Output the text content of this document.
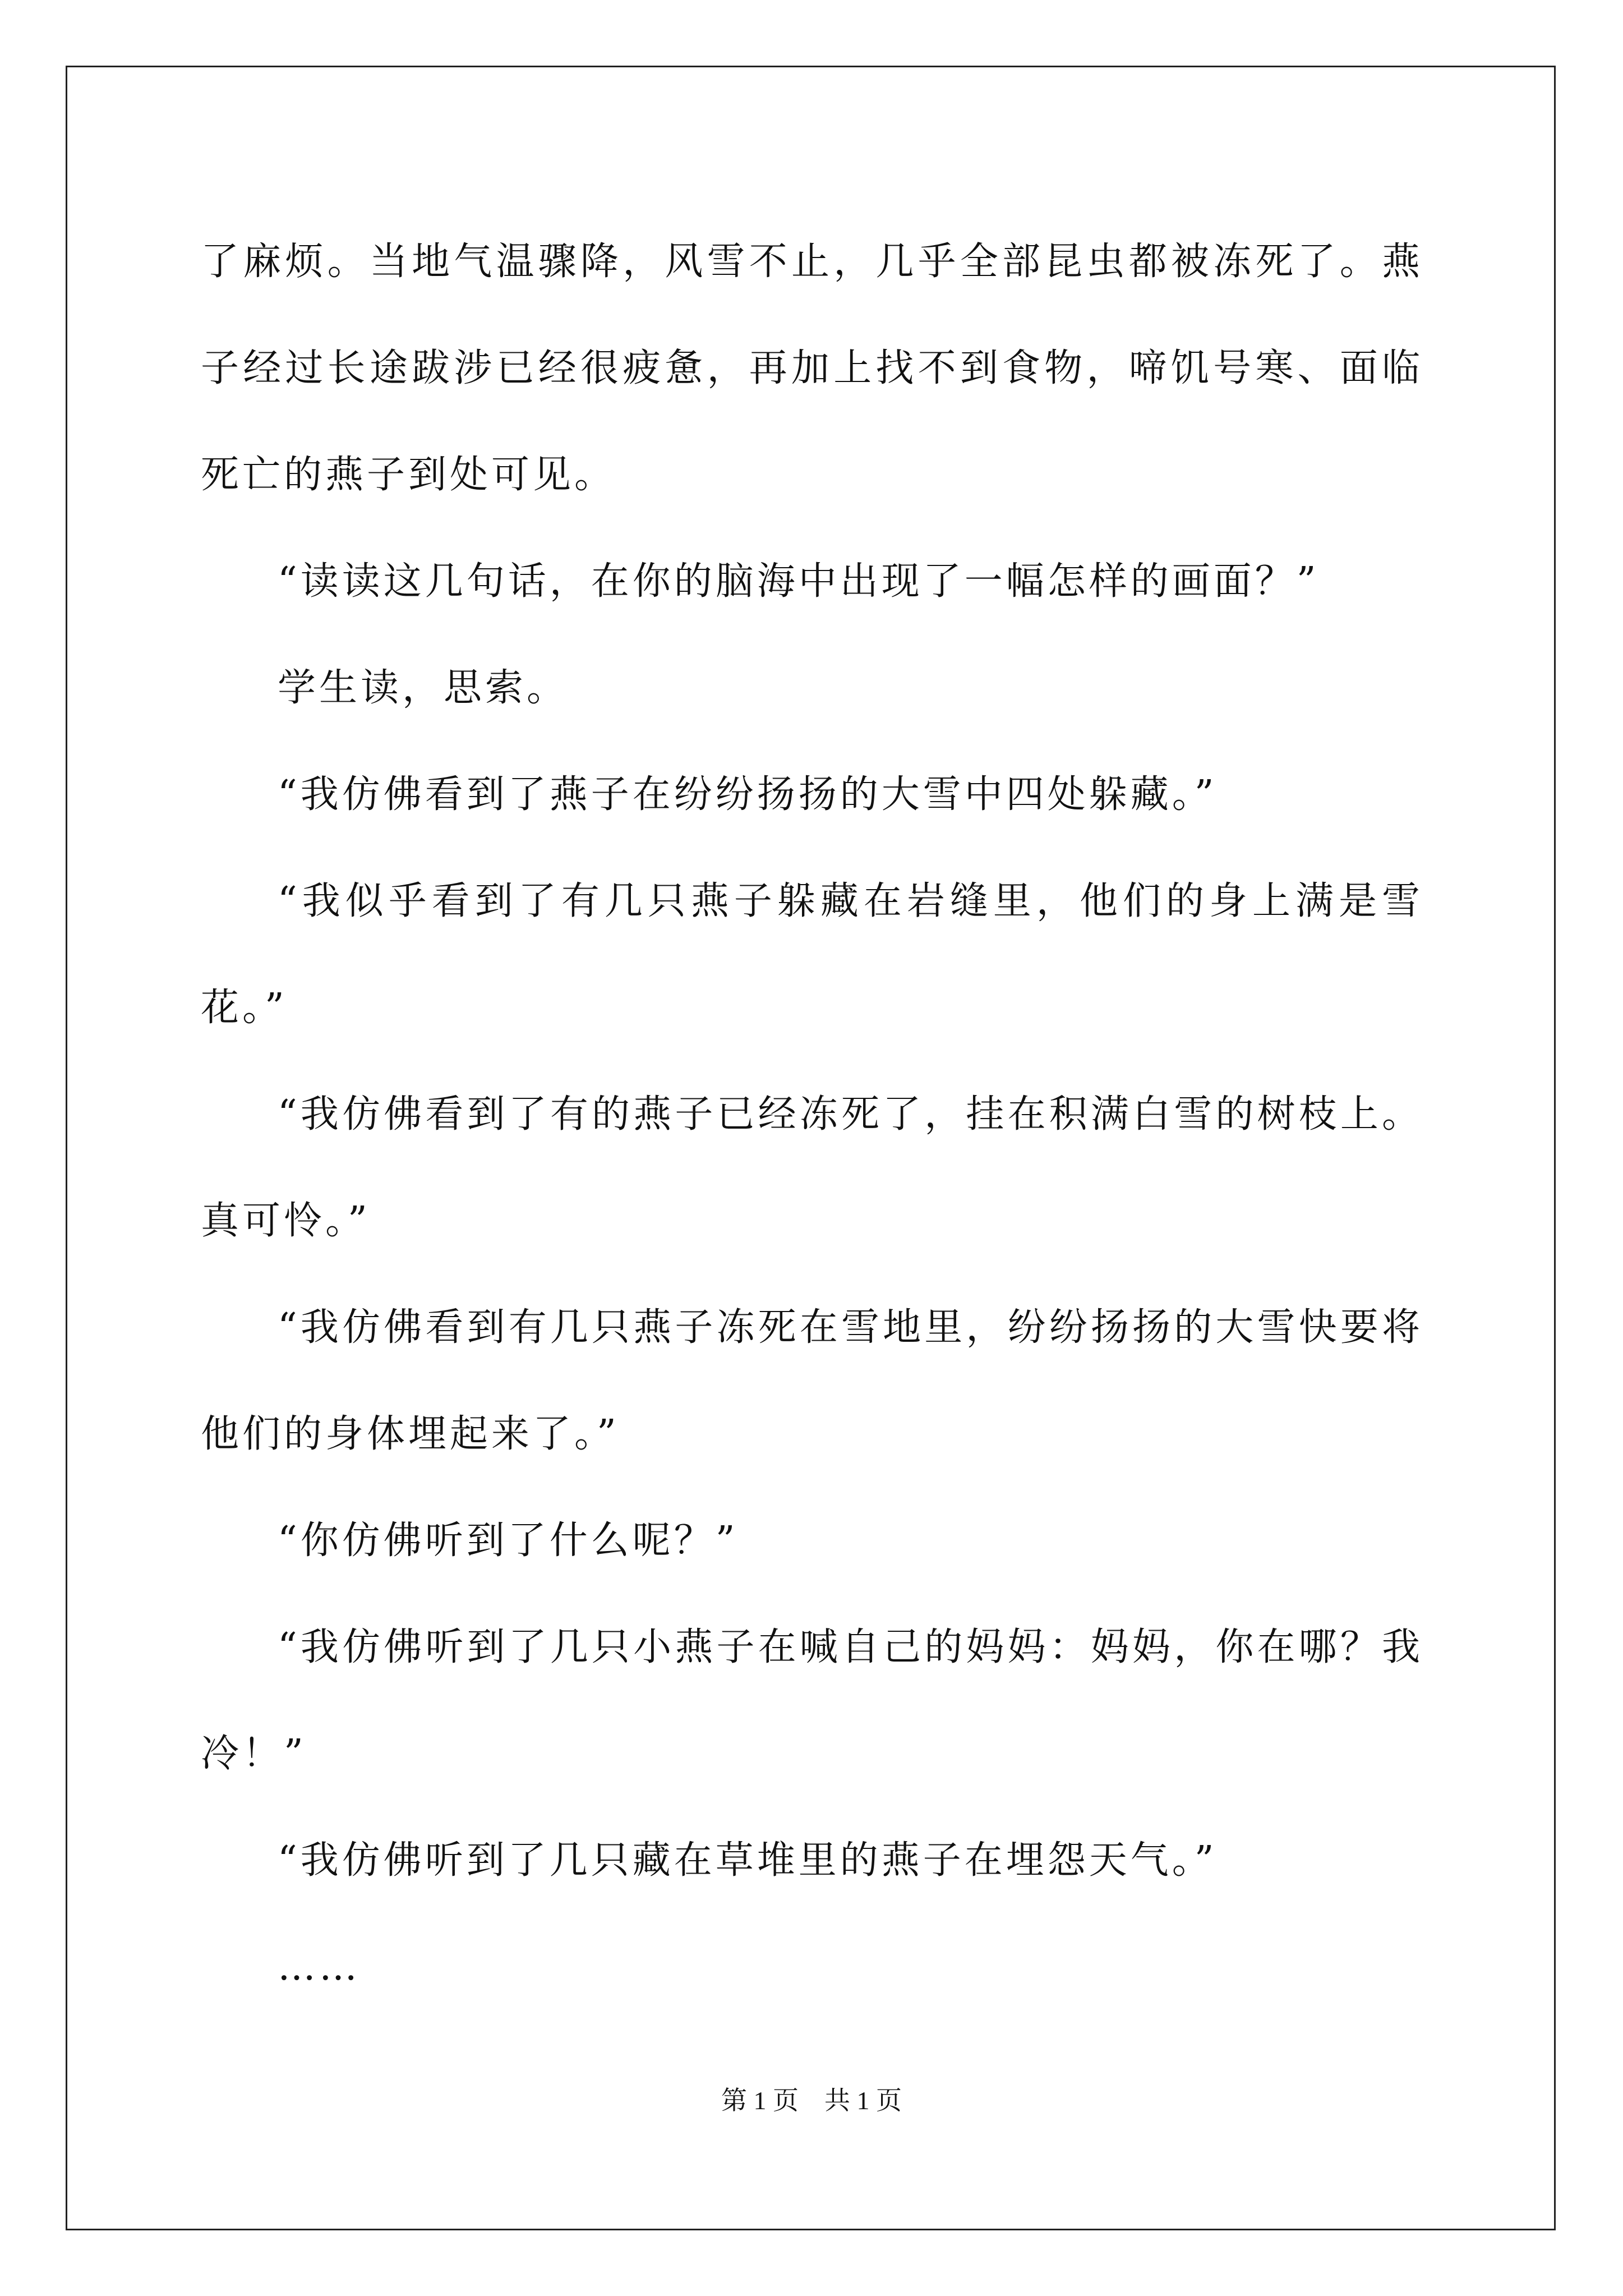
了麻烦。当地气温骤降，风雪不止，几乎全部昆虫都被冻死了。燕子经过长途跋涉已经很疲惫，再加上找不到食物，啼饥号寒、面临死亡的燕子到处可见。

“读读这几句话，在你的脑海中出现了一幅怎样的画面？”

学生读，思索。

“我仿佛看到了燕子在纷纷扬扬的大雪中四处躲藏。”

“我似乎看到了有几只燕子躲藏在岩缝里，他们的身上满是雪花。”

“我仿佛看到了有的燕子已经冻死了，挂在积满白雪的树枝上。真可怜。”

“我仿佛看到有几只燕子冻死在雪地里，纷纷扬扬的大雪快要将他们的身体埋起来了。”

“你仿佛听到了什么呢？”

“我仿佛听到了几只小燕子在喊自己的妈妈：妈妈，你在哪？我冷！”

“我仿佛听到了几只藏在草堆里的燕子在埋怨天气。”

……

第 1 页 共 1 页
